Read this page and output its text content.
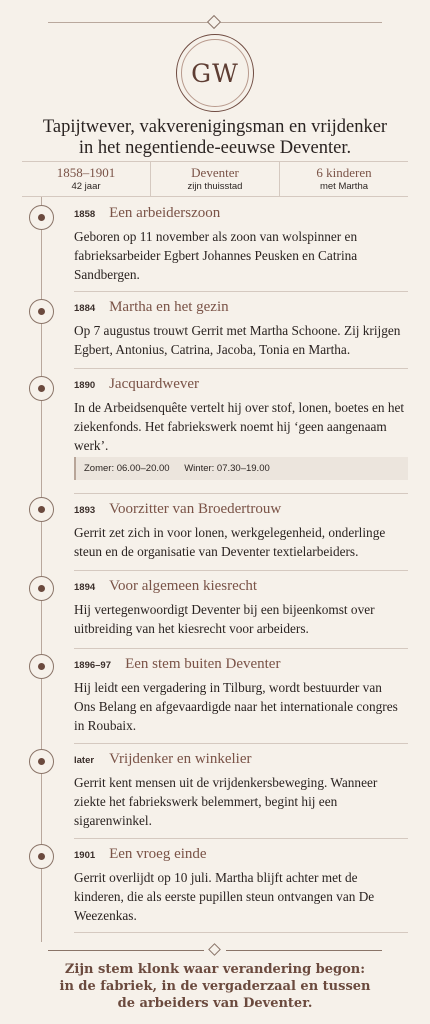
GW
Tapijtwever, vakverenigingsman en vrijdenker
in het negentiende-eeuwse Deventer.
1858–1901
42 jaar
Deventer
zijn thuisstad
6 kinderen
met Martha
1858 Een arbeiderszoon
Geboren op 11 november als zoon van wolspinner en
fabrieksarbeider Egbert Johannes Peusken en Catrina
Sandbergen.
1884 Martha en het gezin
Op 7 augustus trouwt Gerrit met Martha Schoone. Zij krijgen
Egbert, Antonius, Catrina, Jacoba, Tonia en Martha.
1890 Jacquardwever
In de Arbeidsenquête vertelt hij over stof, lonen, boetes en het
ziekenfonds. Het fabriekswerk noemt hij ‘geen aangenaam
werk’.
Zomer: 06.00–20.00 Winter: 07.30–19.00
1893 Voorzitter van Broedertrouw
Gerrit zet zich in voor lonen, werkgelegenheid, onderlinge
steun en de organisatie van Deventer textielarbeiders.
1894 Voor algemeen kiesrecht
Hij vertegenwoordigt Deventer bij een bijeenkomst over
uitbreiding van het kiesrecht voor arbeiders.
1896–97 Een stem buiten Deventer
Hij leidt een vergadering in Tilburg, wordt bestuurder van
Ons Belang en afgevaardigde naar het internationale congres
in Roubaix.
later Vrijdenker en winkelier
Gerrit kent mensen uit de vrijdenkersbeweging. Wanneer
ziekte het fabriekswerk belemmert, begint hij een
sigarenwinkel.
1901 Een vroeg einde
Gerrit overlijdt op 10 juli. Martha blijft achter met de
kinderen, die als eerste pupillen steun ontvangen van De
Weezenkas.
Zijn stem klonk waar verandering begon:
in de fabriek, in de vergaderzaal en tussen
de arbeiders van Deventer.
